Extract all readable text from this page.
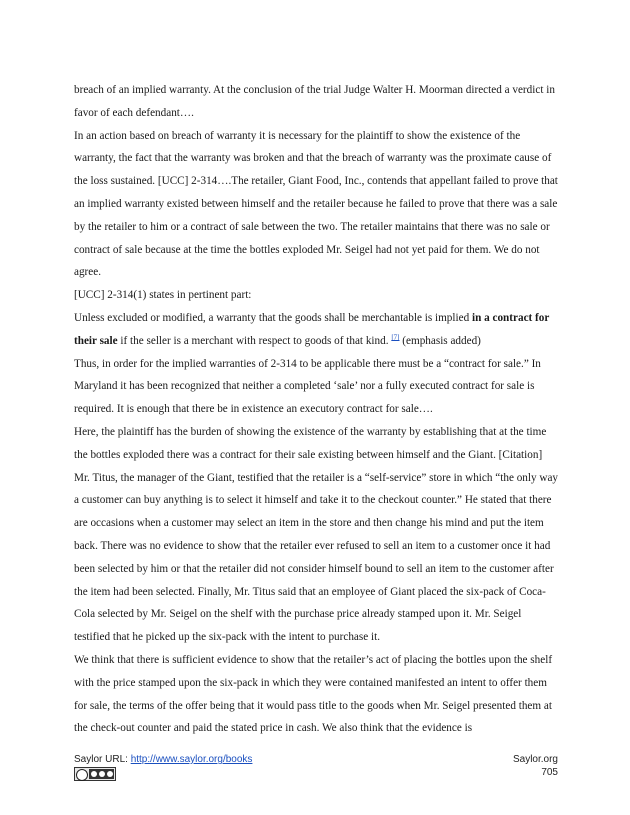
breach of an implied warranty. At the conclusion of the trial Judge Walter H. Moorman directed a verdict in favor of each defendant….

In an action based on breach of warranty it is necessary for the plaintiff to show the existence of the warranty, the fact that the warranty was broken and that the breach of warranty was the proximate cause of the loss sustained. [UCC] 2-314….The retailer, Giant Food, Inc., contends that appellant failed to prove that an implied warranty existed between himself and the retailer because he failed to prove that there was a sale by the retailer to him or a contract of sale between the two. The retailer maintains that there was no sale or contract of sale because at the time the bottles exploded Mr. Seigel had not yet paid for them. We do not agree.

[UCC] 2-314(1) states in pertinent part:

Unless excluded or modified, a warranty that the goods shall be merchantable is implied in a contract for their sale if the seller is a merchant with respect to goods of that kind. [7] (emphasis added)

Thus, in order for the implied warranties of 2-314 to be applicable there must be a “contract for sale.” In Maryland it has been recognized that neither a completed ‘sale’ nor a fully executed contract for sale is required. It is enough that there be in existence an executory contract for sale….

Here, the plaintiff has the burden of showing the existence of the warranty by establishing that at the time the bottles exploded there was a contract for their sale existing between himself and the Giant. [Citation] Mr. Titus, the manager of the Giant, testified that the retailer is a “self-service” store in which “the only way a customer can buy anything is to select it himself and take it to the checkout counter.” He stated that there are occasions when a customer may select an item in the store and then change his mind and put the item back. There was no evidence to show that the retailer ever refused to sell an item to a customer once it had been selected by him or that the retailer did not consider himself bound to sell an item to the customer after the item had been selected. Finally, Mr. Titus said that an employee of Giant placed the six-pack of Coca-Cola selected by Mr. Seigel on the shelf with the purchase price already stamped upon it. Mr. Seigel testified that he picked up the six-pack with the intent to purchase it.

We think that there is sufficient evidence to show that the retailer’s act of placing the bottles upon the shelf with the price stamped upon the six-pack in which they were contained manifested an intent to offer them for sale, the terms of the offer being that it would pass title to the goods when Mr. Seigel presented them at the check-out counter and paid the stated price in cash. We also think that the evidence is

Saylor URL: http://www.saylor.org/books	Saylor.org
705
